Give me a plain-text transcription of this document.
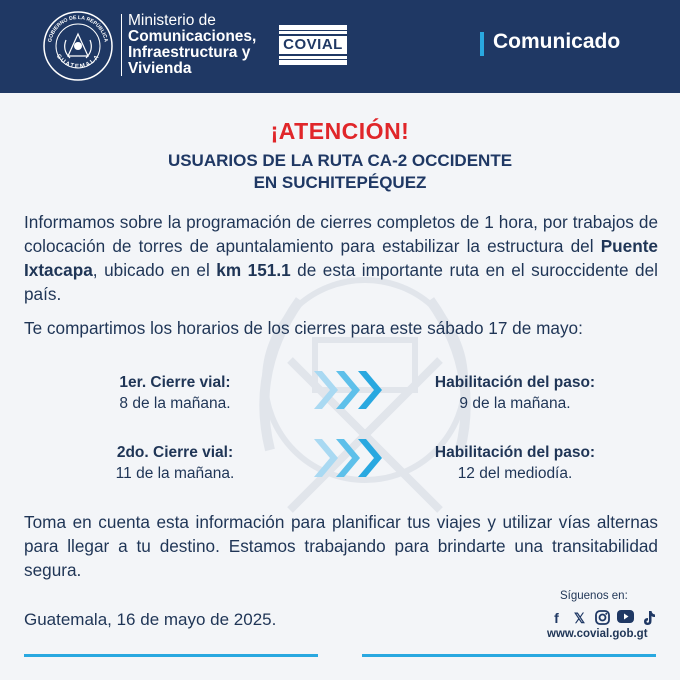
GOBIERNO DE LA REPÚBLICA
GUATEMALA
Ministerio de
Comunicaciones,
Infraestructura y
Vivienda
COVIAL	Comunicado
¡ATENCIÓN!
USUARIOS DE LA RUTA CA-2 OCCIDENTE
EN SUCHITEPÉQUEZ
Informamos sobre la programación de cierres completos de 1 hora, por trabajos de colocación de torres de apuntalamiento para estabilizar la estructura del Puente Ixtacapa, ubicado en el km 151.1 de esta importante ruta en el suroccidente del país.
Te compartimos los horarios de los cierres para este sábado 17 de mayo:
1er. Cierre vial:
8 de la mañana.
Habilitación del paso:
9 de la mañana.
2do. Cierre vial:
11 de la mañana.
Habilitación del paso:
12 del mediodía.
Toma en cuenta esta información para planificar tus viajes y utilizar vías alternas para llegar a tu destino. Estamos trabajando para brindarte una transitabilidad segura.
Guatemala, 16 de mayo de 2025.
Síguenos en:
f	𝕏
www.covial.gob.gt
